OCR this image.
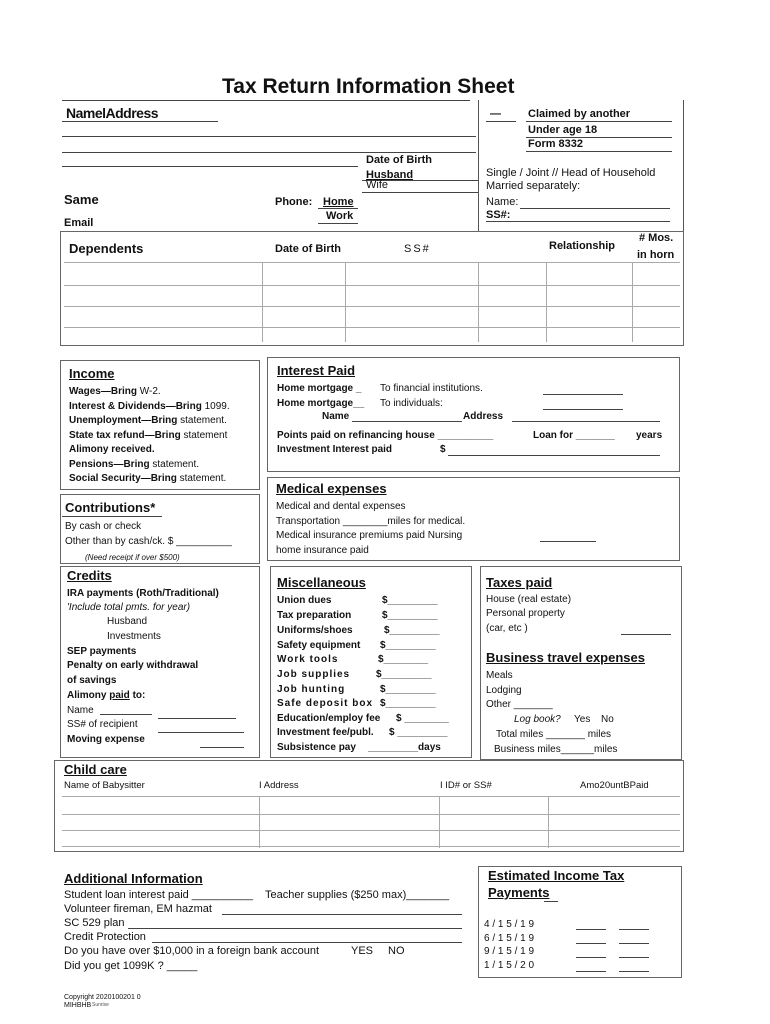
Tax Return Information Sheet
NamelAddress	— Claimed by another
Under age 18
Form 8332
Date of Birth
Husband
Wife
Single / Joint // Head of Household
Married separately:
Name:
SS#:
Same	Phone: Home
Work
Email
Dependents	Date of Birth	SS#	Relationship
# Mos.
in horn
Income
Wages—Bring W-2.
Interest & Dividends—Bring 1099.
Unemployment—Bring statement.
State tax refund—Bring statement
Alimony received.
Pensions—Bring statement.
Social Security—Bring statement.
Interest Paid
Home mortgage _ To financial institutions.
Home mortgage__ To individuals:
Name	Address
Points paid on refinancing house __________	Loan for _______ years
Investment Interest paid	$
Contributions*
By cash or check
Other than by cash/ck. $ __________
(Need receipt if over $500)
Medical expenses
Medical and dental expenses
Transportation ________miles for medical.
Medical insurance premiums paid Nursing
home insurance paid
Credits
IRA payments (Roth/Traditional)
'Include total pmts. for year)
Husband
Investments
SEP payments
Penalty on early withdrawal
of savings
Alimony paid to:
Name
SS# of recipient
Moving expense
Miscellaneous
Union dues	$_________
Tax preparation	$_________
Uniforms/shoes	$_________
Safety equipment $_________
Work tools	$________
Job supplies	$_________
Job hunting	$_________
Safe deposit box $_________
Education/employ fee $ ________
Investment fee/publ. $ _________
Subsistence pay _________days
Taxes paid
House (real estate)
Personal property
(car, etc )
Business travel expenses
Meals
Lodging
Other _______
Log book? Yes No
Total miles _______ miles
Business miles______miles
Child care
Name of Babysitter	I Address	I ID# or SS#	Amo20untBPaid
Additional Information
Student loan interest paid __________ Teacher supplies ($250 max)_______
Volunteer fireman, EM hazmat
SC 529 plan
Credit Protection
Do you have over $10,000 in a foreign bank account	YES NO
Did you get 1099K ? _____
Estimated Income Tax
Payments
4 / 1 5 / 1 9
6 / 1 5 / 1 9
9 / 1 5 / 1 9
1 / 1 5 / 2 0
Copyright 2020100201 0
MIHBHB Sunrise
